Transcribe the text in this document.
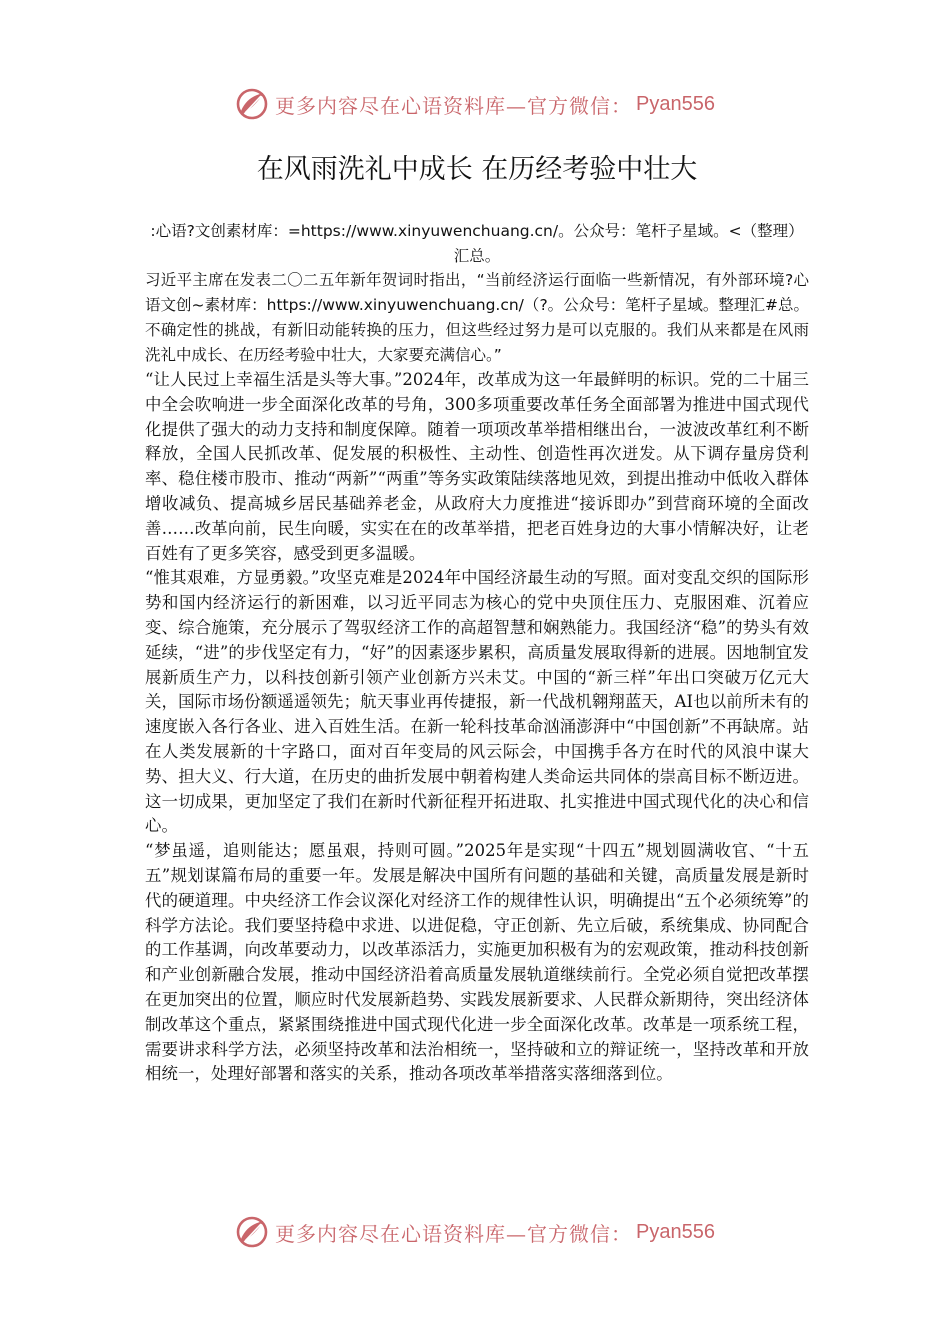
更多内容尽在心语资料库—官方微信： Pyan556
在风雨洗礼中成长 在历经考验中壮大

:心语?文创素材库：=https://www.xinyuwenchuang.cn/。公众号：笔杆子星域。<（整理）汇总。

习近平主席在发表二〇二五年新年贺词时指出，“当前经济运行面临一些新情况，有外部环境?心语文创~素材库：https://www.xinyuwenchuang.cn/（?。公众号：笔杆子星域。整理汇#总。不确定性的挑战，有新旧动能转换的压力，但这些经过努力是可以克服的。我们从来都是在风雨洗礼中成长、在历经考验中壮大，大家要充满信心。”

“让人民过上幸福生活是头等大事。”2024年，改革成为这一年最鲜明的标识。党的二十届三中全会吹响进一步全面深化改革的号角，300多项重要改革任务全面部署为推进中国式现代化提供了强大的动力支持和制度保障。随着一项项改革举措相继出台，一波波改革红利不断释放，全国人民抓改革、促发展的积极性、主动性、创造性再次迸发。从下调存量房贷利率、稳住楼市股市、推动“两新”“两重”等务实政策陆续落地见效，到提出推动中低收入群体增收减负、提高城乡居民基础养老金，从政府大力度推进“接诉即办”到营商环境的全面改善……改革向前，民生向暖，实实在在的改革举措，把老百姓身边的大事小情解决好，让老百姓有了更多笑容，感受到更多温暖。

“惟其艰难，方显勇毅。”攻坚克难是2024年中国经济最生动的写照。面对变乱交织的国际形势和国内经济运行的新困难，以习近平同志为核心的党中央顶住压力、克服困难、沉着应变、综合施策，充分展示了驾驭经济工作的高超智慧和娴熟能力。我国经济“稳”的势头有效延续，“进”的步伐坚定有力，“好”的因素逐步累积，高质量发展取得新的进展。因地制宜发展新质生产力，以科技创新引领产业创新方兴未艾。中国的“新三样”年出口突破万亿元大关，国际市场份额遥遥领先；航天事业再传捷报，新一代战机翱翔蓝天，AI也以前所未有的速度嵌入各行各业、进入百姓生活。在新一轮科技革命汹涌澎湃中“中国创新”不再缺席。站在人类发展新的十字路口，面对百年变局的风云际会，中国携手各方在时代的风浪中谋大势、担大义、行大道，在历史的曲折发展中朝着构建人类命运共同体的崇高目标不断迈进。这一切成果，更加坚定了我们在新时代新征程开拓进取、扎实推进中国式现代化的决心和信心。

“梦虽遥，追则能达；愿虽艰，持则可圆。”2025年是实现“十四五”规划圆满收官、“十五五”规划谋篇布局的重要一年。发展是解决中国所有问题的基础和关键，高质量发展是新时代的硬道理。中央经济工作会议深化对经济工作的规律性认识，明确提出“五个必须统筹”的科学方法论。我们要坚持稳中求进、以进促稳，守正创新、先立后破，系统集成、协同配合的工作基调，向改革要动力，以改革添活力，实施更加积极有为的宏观政策，推动科技创新和产业创新融合发展，推动中国经济沿着高质量发展轨道继续前行。全党必须自觉把改革摆在更加突出的位置，顺应时代发展新趋势、实践发展新要求、人民群众新期待，突出经济体制改革这个重点，紧紧围绕推进中国式现代化进一步全面深化改革。改革是一项系统工程，需要讲求科学方法，必须坚持改革和法治相统一，坚持破和立的辩证统一，坚持改革和开放相统一，处理好部署和落实的关系，推动各项改革举措落实落细落到位。

更多内容尽在心语资料库—官方微信： Pyan556
